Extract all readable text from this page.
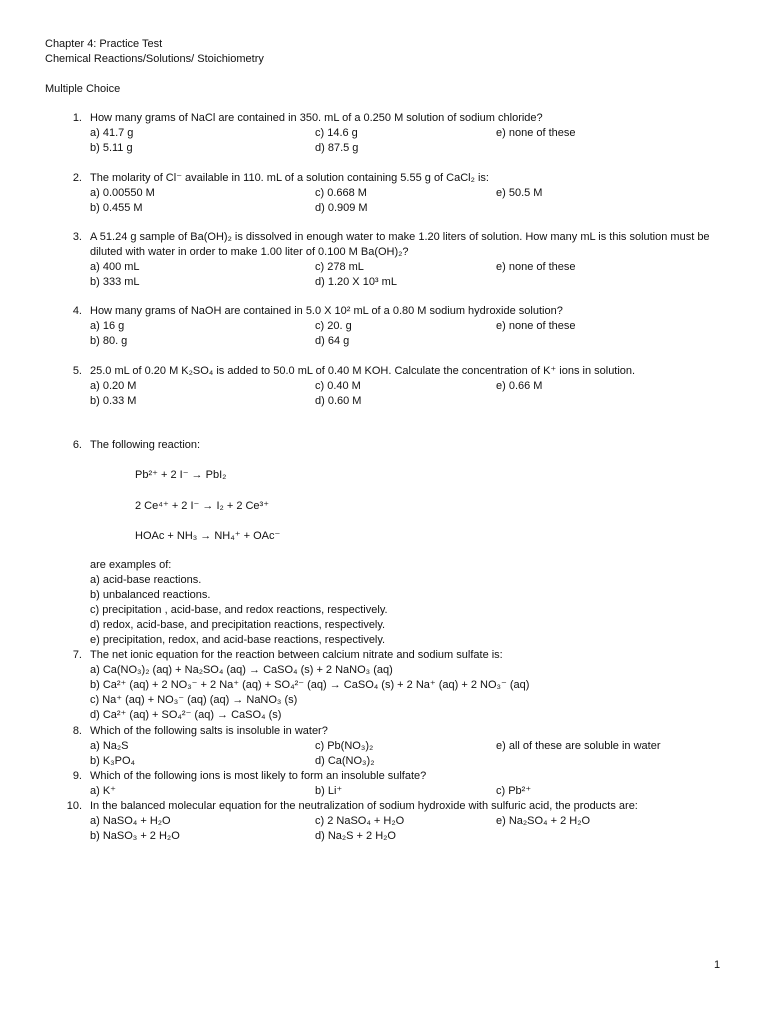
Chapter 4: Practice Test
Chemical Reactions/Solutions/ Stoichiometry
Multiple Choice
1. How many grams of NaCl are contained in 350. mL of a 0.250 M solution of sodium chloride?
a) 41.7 g	c) 14.6 g	e) none of these
b) 5.11 g	d) 87.5 g
2. The molarity of Cl⁻ available in 110. mL of a solution containing 5.55 g of CaCl₂ is:
a) 0.00550 M	c) 0.668 M	e) 50.5 M
b) 0.455 M	d) 0.909 M
3. A 51.24 g sample of Ba(OH)₂ is dissolved in enough water to make 1.20 liters of solution. How many mL is this solution must be diluted with water in order to make 1.00 liter of 0.100 M Ba(OH)₂?
a) 400 mL	c) 278 mL	e) none of these
b) 333 mL	d) 1.20 X 10³ mL
4. How many grams of NaOH are contained in 5.0 X 10² mL of a 0.80 M sodium hydroxide solution?
a) 16 g	c) 20. g	e) none of these
b) 80. g	d) 64 g
5. 25.0 mL of 0.20 M K₂SO₄ is added to 50.0 mL of 0.40 M KOH. Calculate the concentration of K⁺ ions in solution.
a) 0.20 M	c) 0.40 M	e) 0.66 M
b) 0.33 M	d) 0.60 M
6. The following reaction:
Pb²⁺ + 2 I⁻ → PbI₂
2 Ce⁴⁺ + 2 I⁻ → I₂ + 2 Ce³⁺
HOAc + NH₃ → NH₄⁺ + OAc⁻
are examples of:
a) acid-base reactions.
b) unbalanced reactions.
c) precipitation , acid-base, and redox reactions, respectively.
d) redox, acid-base, and precipitation reactions, respectively.
e) precipitation, redox, and acid-base reactions, respectively.
7. The net ionic equation for the reaction between calcium nitrate and sodium sulfate is:
a) Ca(NO₃)₂ (aq) + Na₂SO₄ (aq) → CaSO₄ (s) + 2 NaNO₃ (aq)
b) Ca²⁺ (aq) + 2 NO₃⁻ + 2 Na⁺ (aq) + SO₄²⁻ (aq) → CaSO₄ (s) + 2 Na⁺ (aq) + 2 NO₃⁻ (aq)
c) Na⁺ (aq) + NO₃⁻ (aq) (aq) → NaNO₃ (s)
d) Ca²⁺ (aq) + SO₄²⁻ (aq) → CaSO₄ (s)
8. Which of the following salts is insoluble in water?
a) Na₂S	c) Pb(NO₃)₂	e) all of these are soluble in water
b) K₃PO₄	d) Ca(NO₃)₂
9. Which of the following ions is most likely to form an insoluble sulfate?
a) K⁺	b) Li⁺	c) Pb²⁺
10. In the balanced molecular equation for the neutralization of sodium hydroxide with sulfuric acid, the products are:
a) NaSO₄ + H₂O	c) 2 NaSO₄ + H₂O	e) Na₂SO₄ + 2 H₂O
b) NaSO₃ + 2 H₂O	d) Na₂S + 2 H₂O
1
